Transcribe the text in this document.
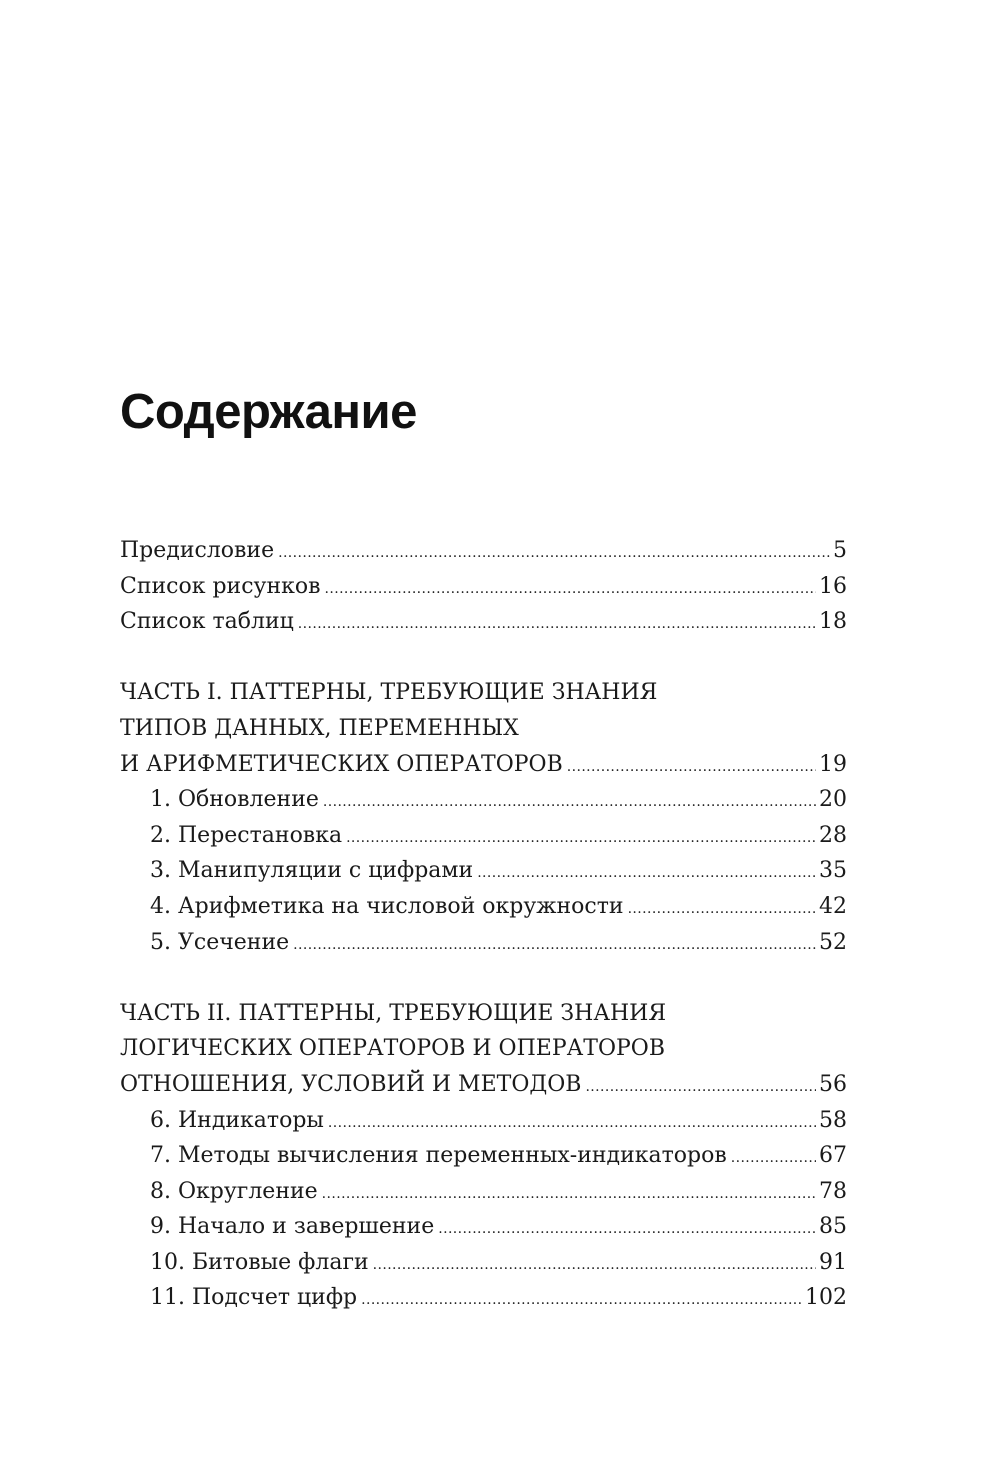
Содержание
Предисловие .....	5
Список рисунков .....	16
Список таблиц .....	18
ЧАСТЬ I. ПАТТЕРНЫ, ТРЕБУЮЩИЕ ЗНАНИЯ
ТИПОВ ДАННЫХ, ПЕРЕМЕННЫХ
И АРИФМЕТИЧЕСКИХ ОПЕРАТОРОВ .....	19
1. Обновление .....	20
2. Перестановка .....	28
3. Манипуляции с цифрами .....	35
4. Арифметика на числовой окружности .....	42
5. Усечение .....	52
ЧАСТЬ II. ПАТТЕРНЫ, ТРЕБУЮЩИЕ ЗНАНИЯ
ЛОГИЧЕСКИХ ОПЕРАТОРОВ И ОПЕРАТОРОВ
ОТНОШЕНИЯ, УСЛОВИЙ И МЕТОДОВ .....	56
6. Индикаторы .....	58
7. Методы вычисления переменных-индикаторов .....	67
8. Округление .....	78
9. Начало и завершение .....	85
10. Битовые флаги .....	91
11. Подсчет цифр .....	102
